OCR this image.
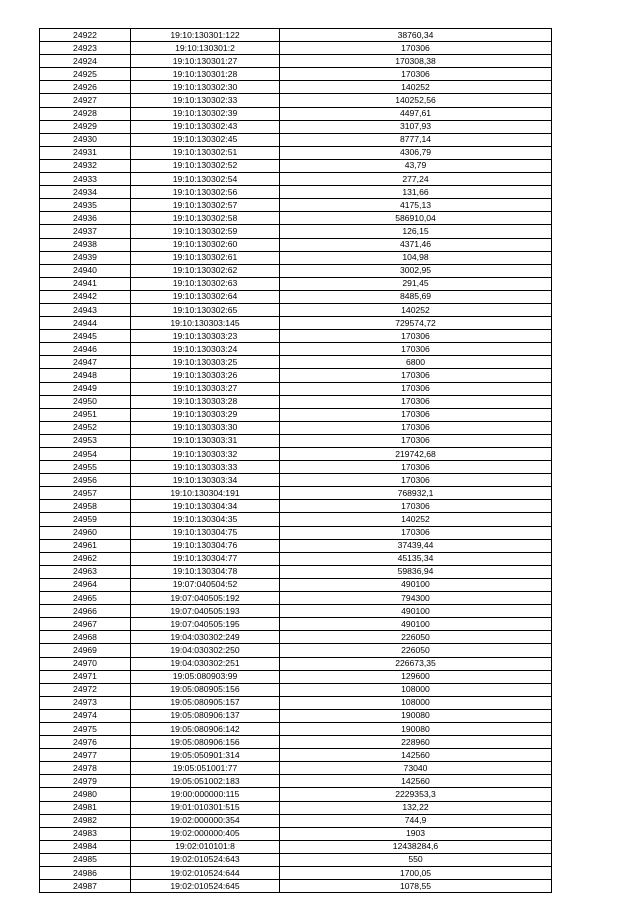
24922	19:10:130301:122	38760,34
24923	19:10:130301:2	170306
24924	19:10:130301:27	170308,38
24925	19:10:130301:28	170306
24926	19:10:130302:30	140252
24927	19:10:130302:33	140252,56
24928	19:10:130302:39	4497,61
24929	19:10:130302:43	3107,93
24930	19:10:130302:45	8777,14
24931	19:10:130302:51	4306,79
24932	19:10:130302:52	43,79
24933	19:10:130302:54	277,24
24934	19:10:130302:56	131,66
24935	19:10:130302:57	4175,13
24936	19:10:130302:58	586910,04
24937	19:10:130302:59	126,15
24938	19:10:130302:60	4371,46
24939	19:10:130302:61	104,98
24940	19:10:130302:62	3002,95
24941	19:10:130302:63	291,45
24942	19:10:130302:64	8485,69
24943	19:10:130302:65	140252
24944	19:10:130303:145	729574,72
24945	19:10:130303:23	170306
24946	19:10:130303:24	170306
24947	19:10:130303:25	6800
24948	19:10:130303:26	170306
24949	19:10:130303:27	170306
24950	19:10:130303:28	170306
24951	19:10:130303:29	170306
24952	19:10:130303:30	170306
24953	19:10:130303:31	170306
24954	19:10:130303:32	219742,68
24955	19:10:130303:33	170306
24956	19:10:130303:34	170306
24957	19:10:130304:191	768932,1
24958	19:10:130304:34	170306
24959	19:10:130304:35	140252
24960	19:10:130304:75	170306
24961	19:10:130304:76	37439,44
24962	19:10:130304:77	45135,34
24963	19:10:130304:78	59836,94
24964	19:07:040504:52	490100
24965	19:07:040505:192	794300
24966	19:07:040505:193	490100
24967	19:07:040505:195	490100
24968	19:04:030302:249	226050
24969	19:04:030302:250	226050
24970	19:04:030302:251	226673,35
24971	19:05:080903:99	129600
24972	19:05:080905:156	108000
24973	19:05:080905:157	108000
24974	19:05:080906:137	190080
24975	19:05:080906:142	190080
24976	19:05:080906:156	228960
24977	19:05:050901:314	142560
24978	19:05:051001:77	73040
24979	19:05:051002:183	142560
24980	19:00:000000:115	2229353,3
24981	19:01:010301:515	132,22
24982	19:02:000000:354	744,9
24983	19:02:000000:405	1903
24984	19:02:010101:8	12438284,6
24985	19:02:010524:643	550
24986	19:02:010524:644	1700,05
24987	19:02:010524:645	1078,55
